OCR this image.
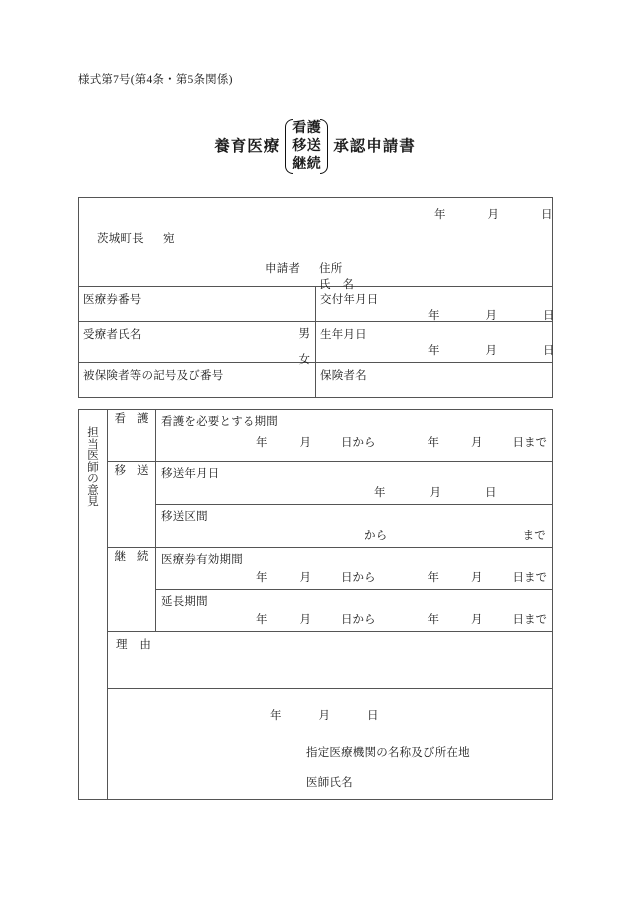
様式第7号(第4条・第5条関係)
養育医療
看護
移送
継続
承認申請書
年	月	日
茨城町長 宛
申請者 住所
氏　名

医療券番号	交付年月日
年 月 日

受療者氏名	男
女

生年月日
年	月	日

被保険者等の記号及び番号	保険者名
担
当
医
師
の
意
見

看 護	看護を必要とする期間
年	月	日から	年	月	日まで

移 送	移送年月日
年	月	日

		移送区間
から まで

継 続	医療券有効期間
年	月	日から	年	月	日まで

延長期間
年	月	日から	年	月	日まで

	理　由	

	年 月 日
指定医療機関の名称及び所在地
医師氏名	
